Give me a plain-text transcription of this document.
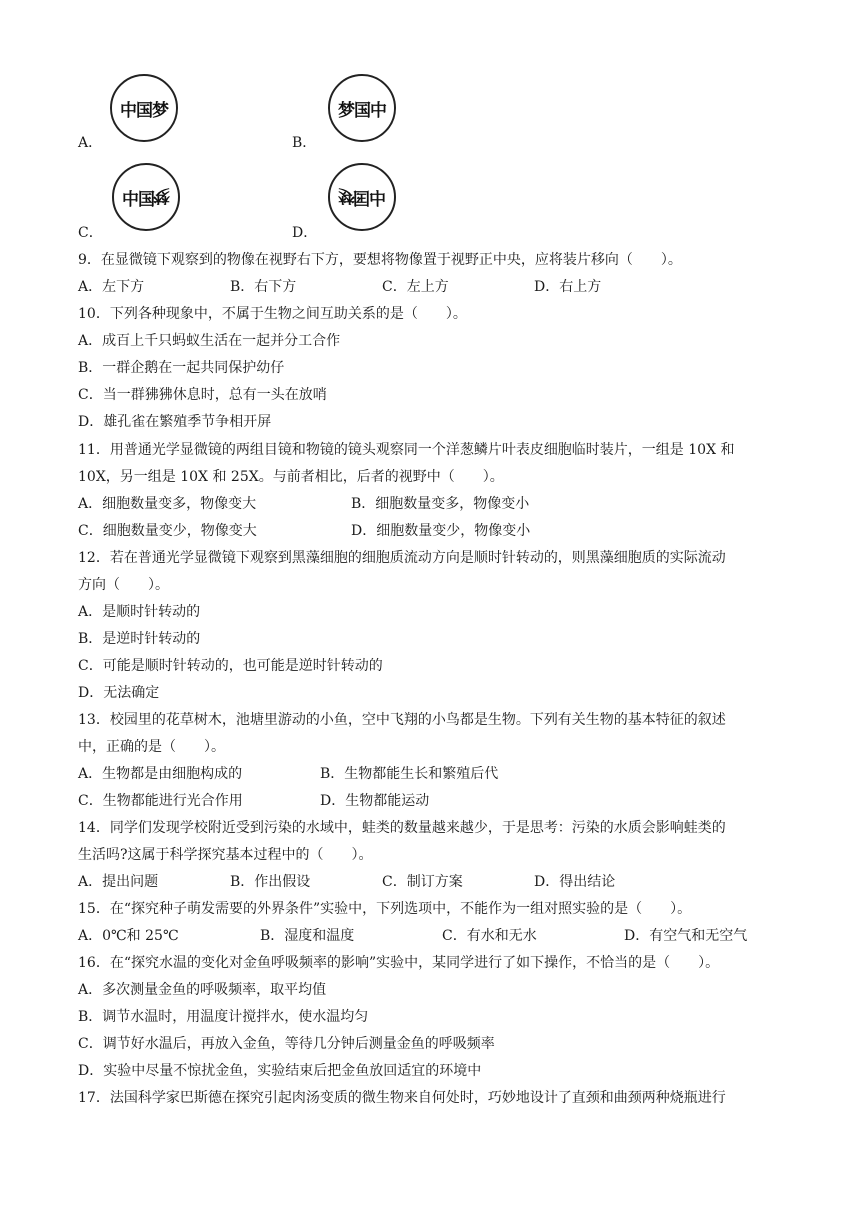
中国梦
A．
梦国中
B．
中 国 梦
C．
中
国
梦
D．
9．在显微镜下观察到的物像在视野右下方，要想将物像置于视野正中央，应将装片移向（　　）。
A．左下方	B．右下方	C．左上方	D．右上方
10．下列各种现象中，不属于生物之间互助关系的是（　　）。
A．成百上千只蚂蚁生活在一起并分工合作
B．一群企鹅在一起共同保护幼仔
C．当一群狒狒休息时，总有一头在放哨
D．雄孔雀在繁殖季节争相开屏
11．用普通光学显微镜的两组目镜和物镜的镜头观察同一个洋葱鳞片叶表皮细胞临时装片，一组是 10X 和
10X，另一组是 10X 和 25X。与前者相比，后者的视野中（　　）。
A．细胞数量变多，物像变大	B．细胞数量变多，物像变小
C．细胞数量变少，物像变大	D．细胞数量变少，物像变小
12．若在普通光学显微镜下观察到黑藻细胞的细胞质流动方向是顺时针转动的，则黑藻细胞质的实际流动
方向（　　）。
A．是顺时针转动的
B．是逆时针转动的
C．可能是顺时针转动的，也可能是逆时针转动的
D．无法确定
13．校园里的花草树木，池塘里游动的小鱼，空中飞翔的小鸟都是生物。下列有关生物的基本特征的叙述
中，正确的是（　　）。
A．生物都是由细胞构成的	B．生物都能生长和繁殖后代
C．生物都能进行光合作用	D．生物都能运动
14．同学们发现学校附近受到污染的水域中，蛙类的数量越来越少，于是思考：污染的水质会影响蛙类的
生活吗?这属于科学探究基本过程中的（　　）。
A．提出问题	B．作出假设	C．制订方案	D．得出结论
15．在“探究种子萌发需要的外界条件”实验中，下列选项中，不能作为一组对照实验的是（　　）。
A．0℃和 25℃	B．湿度和温度	C．有水和无水	D．有空气和无空气
16．在“探究水温的变化对金鱼呼吸频率的影响”实验中，某同学进行了如下操作，不恰当的是（　　）。
A．多次测量金鱼的呼吸频率，取平均值
B．调节水温时，用温度计搅拌水，使水温均匀
C．调节好水温后，再放入金鱼，等待几分钟后测量金鱼的呼吸频率
D．实验中尽量不惊扰金鱼，实验结束后把金鱼放回适宜的环境中
17．法国科学家巴斯德在探究引起肉汤变质的微生物来自何处时，巧妙地设计了直颈和曲颈两种烧瓶进行
